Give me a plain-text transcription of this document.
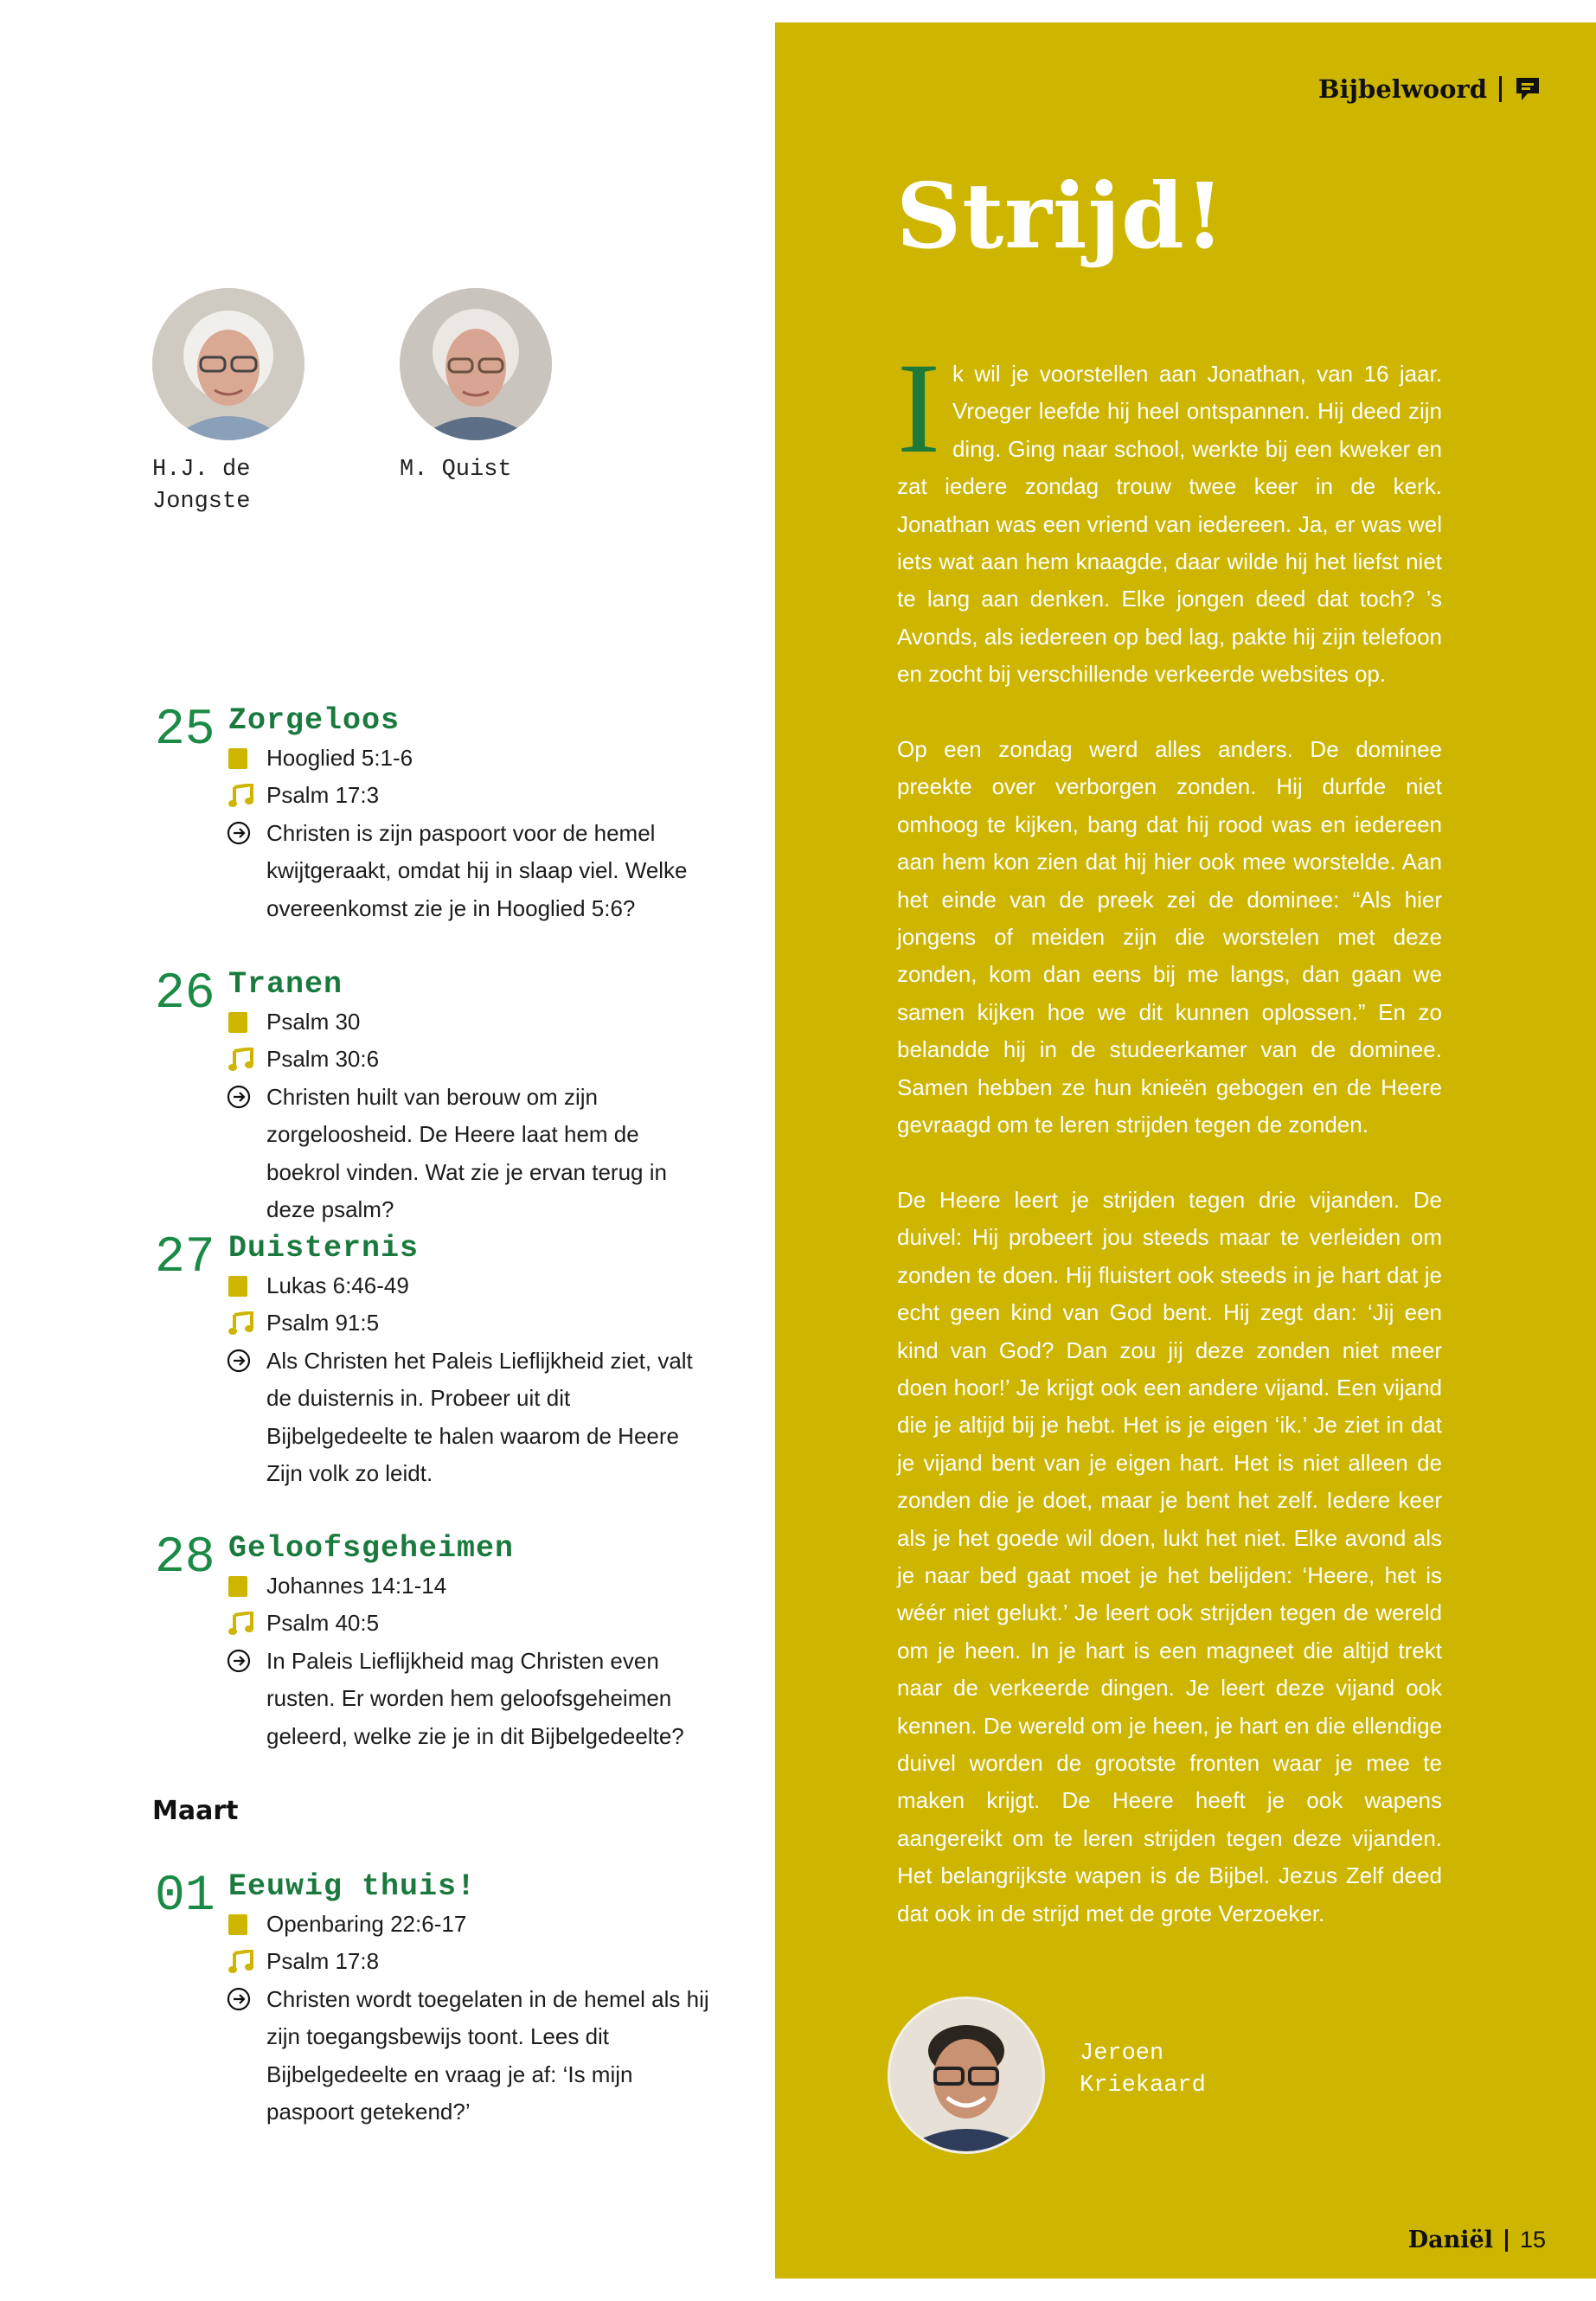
H.J. de
Jongste
M. Quist
25 Zorgeloos
Hooglied 5:1-6
Psalm 17:3
Christen is zijn paspoort voor de hemel kwijtgeraakt, omdat hij in slaap viel. Welke overeenkomst zie je in Hooglied 5:6?
26 Tranen
Psalm 30
Psalm 30:6
Christen huilt van berouw om zijn zorgeloosheid. De Heere laat hem de boekrol vinden. Wat zie je ervan terug in deze psalm?
27 Duisternis
Lukas 6:46-49
Psalm 91:5
Als Christen het Paleis Lieflijkheid ziet, valt de duisternis in. Probeer uit dit Bijbelgedeelte te halen waarom de Heere Zijn volk zo leidt.
28 Geloofsgeheimen
Johannes 14:1-14
Psalm 40:5
In Paleis Lieflijkheid mag Christen even rusten. Er worden hem geloofsgeheimen geleerd, welke zie je in dit Bijbelgedeelte?
Maart
01 Eeuwig thuis!
Openbaring 22:6-17
Psalm 17:8
Christen wordt toegelaten in de hemel als hij zijn toegangsbewijs toont. Lees dit Bijbelgedeelte en vraag je af: ‘Is mijn paspoort getekend?’
Bijbelwoord
Strijd!

Ik wil je voorstellen aan Jonathan, van 16 jaar. Vroeger leefde hij heel ontspannen. Hij deed zijn ding. Ging naar school, werkte bij een kweker en zat iedere zondag trouw twee keer in de kerk. Jonathan was een vriend van iedereen. Ja, er was wel iets wat aan hem knaagde, daar wilde hij het liefst niet te lang aan denken. Elke jongen deed dat toch? ’s Avonds, als iedereen op bed lag, pakte hij zijn telefoon en zocht bij verschillende verkeerde websites op.

Op een zondag werd alles anders. De dominee preekte over verborgen zonden. Hij durfde niet omhoog te kijken, bang dat hij rood was en iedereen aan hem kon zien dat hij hier ook mee worstelde. Aan het einde van de preek zei de dominee: “Als hier jongens of meiden zijn die worstelen met deze zonden, kom dan eens bij me langs, dan gaan we samen kijken hoe we dit kunnen oplossen.” En zo belandde hij in de studeerkamer van de dominee. Samen hebben ze hun knieën gebogen en de Heere gevraagd om te leren strijden tegen de zonden.

De Heere leert je strijden tegen drie vijanden. De duivel: Hij probeert jou steeds maar te verleiden om zonden te doen. Hij fluistert ook steeds in je hart dat je echt geen kind van God bent. Hij zegt dan: ‘Jij een kind van God? Dan zou jij deze zonden niet meer doen hoor!’ Je krijgt ook een andere vijand. Een vijand die je altijd bij je hebt. Het is je eigen ‘ik.’ Je ziet in dat je vijand bent van je eigen hart. Het is niet alleen de zonden die je doet, maar je bent het zelf. Iedere keer als je het goede wil doen, lukt het niet. Elke avond als je naar bed gaat moet je het belijden: ‘Heere, het is wéér niet gelukt.’ Je leert ook strijden tegen de wereld om je heen. In je hart is een magneet die altijd trekt naar de verkeerde dingen. Je leert deze vijand ook kennen. De wereld om je heen, je hart en die ellendige duivel worden de grootste fronten waar je mee te maken krijgt. De Heere heeft je ook wapens aangereikt om te leren strijden tegen deze vijanden. Het belangrijkste wapen is de Bijbel. Jezus Zelf deed dat ook in de strijd met de grote Verzoeker.

Jeroen
Kriekaard
Daniël 15
